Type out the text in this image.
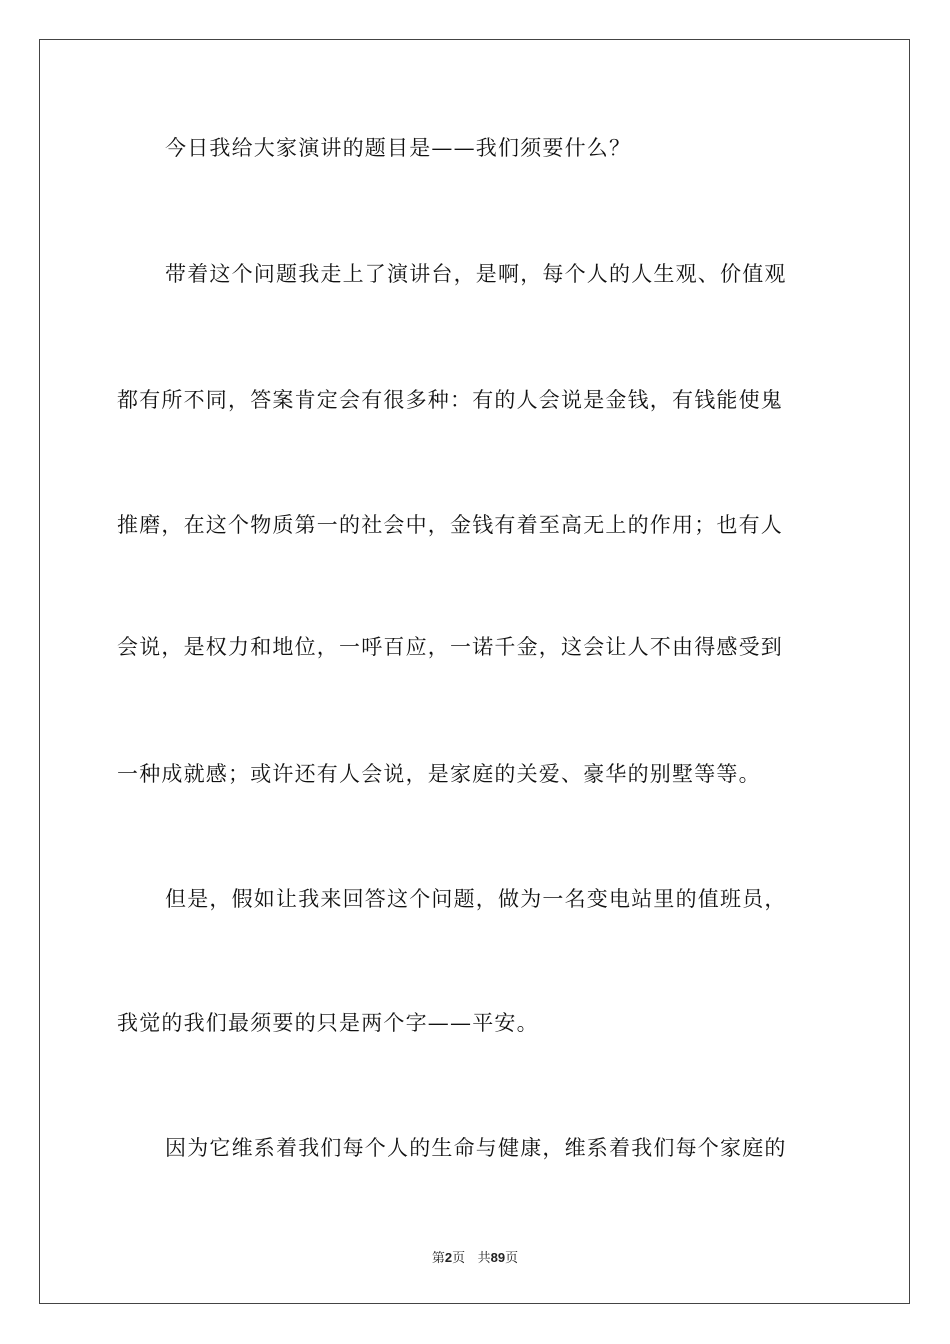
今日我给大家演讲的题目是——我们须要什么？
带着这个问题我走上了演讲台，是啊，每个人的人生观、价值观
都有所不同，答案肯定会有很多种：有的人会说是金钱，有钱能使鬼
推磨，在这个物质第一的社会中，金钱有着至高无上的作用；也有人
会说，是权力和地位，一呼百应，一诺千金，这会让人不由得感受到
一种成就感；或许还有人会说，是家庭的关爱、豪华的别墅等等。
但是，假如让我来回答这个问题，做为一名变电站里的值班员，
我觉的我们最须要的只是两个字——平安。
因为它维系着我们每个人的生命与健康，维系着我们每个家庭的
第2页 共89页
